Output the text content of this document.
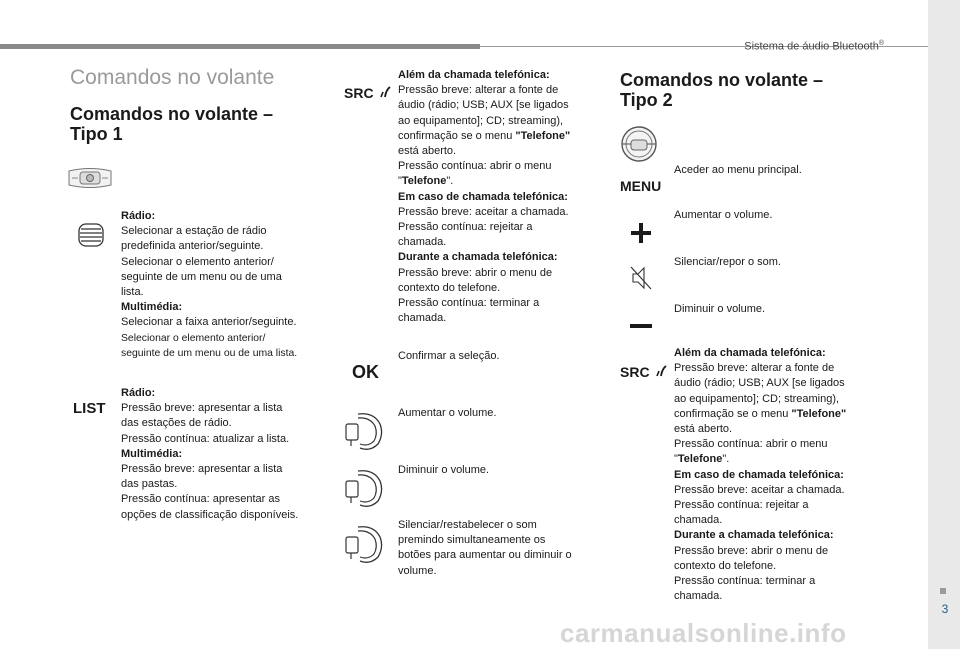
Sistema de áudio Bluetooth®
3
Comandos no volante
Comandos no volante –
Tipo 1
Rádio:
Selecionar a estação de rádio
predefinida anterior/seguinte.
Selecionar o elemento anterior/
seguinte de um menu ou de uma
lista.
Multimédia:
Selecionar a faixa anterior/seguinte.
Selecionar o elemento anterior/
seguinte de um menu ou de uma lista.
LIST
Rádio:
Pressão breve: apresentar a lista
das estações de rádio.
Pressão contínua: atualizar a lista.
Multimédia:
Pressão breve: apresentar a lista
das pastas.
Pressão contínua: apresentar as
opções de classificação disponíveis.
SRC
Além da chamada telefónica:
Pressão breve: alterar a fonte de
áudio (rádio; USB; AUX [se ligados
ao equipamento]; CD; streaming),
confirmação se o menu "Telefone"
está aberto.
Pressão contínua: abrir o menu
"Telefone".
Em caso de chamada telefónica:
Pressão breve: aceitar a chamada.
Pressão contínua: rejeitar a
chamada.
Durante a chamada telefónica:
Pressão breve: abrir o menu de
contexto do telefone.
Pressão contínua: terminar a
chamada.
OK
Confirmar a seleção.
Aumentar o volume.
Diminuir o volume.
Silenciar/restabelecer o som
premindo simultaneamente os
botões para aumentar ou diminuir o
volume.
Comandos no volante –
Tipo 2
MENU
Aceder ao menu principal.
Aumentar o volume.
Silenciar/repor o som.
Diminuir o volume.
SRC
Além da chamada telefónica:
Pressão breve: alterar a fonte de
áudio (rádio; USB; AUX [se ligados
ao equipamento]; CD; streaming),
confirmação se o menu "Telefone"
está aberto.
Pressão contínua: abrir o menu
"Telefone".
Em caso de chamada telefónica:
Pressão breve: aceitar a chamada.
Pressão contínua: rejeitar a
chamada.
Durante a chamada telefónica:
Pressão breve: abrir o menu de
contexto do telefone.
Pressão contínua: terminar a
chamada.
carmanualsonline.info
